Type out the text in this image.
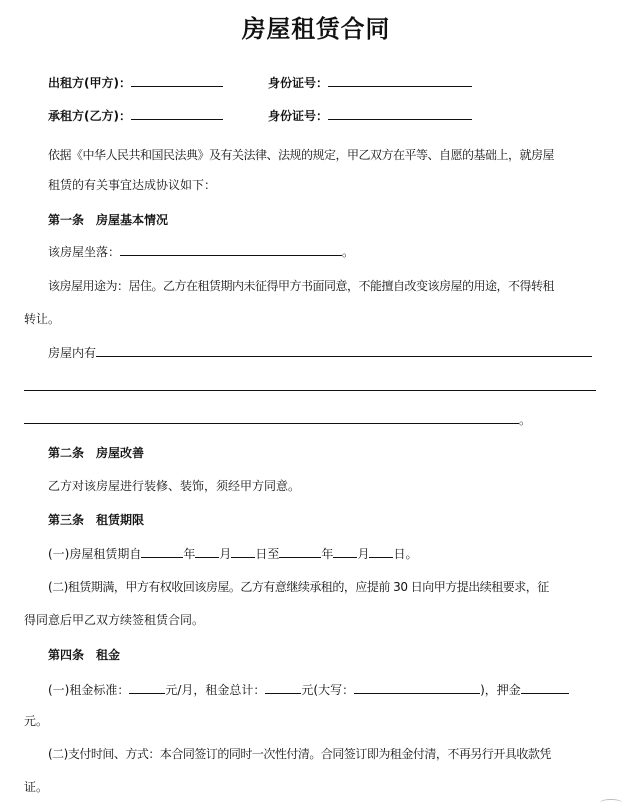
房屋租赁合同
出租方(甲方)：	身份证号：
承租方(乙方)：	身份证号：
依据《中华人民共和国民法典》及有关法律、法规的规定，甲乙双方在平等、自愿的基础上，就房屋
租赁的有关事宜达成协议如下：
第一条　房屋基本情况
该房屋坐落：	。
该房屋用途为：居住。乙方在租赁期内未征得甲方书面同意，不能擅自改变该房屋的用途，不得转租
转让。
房屋内有
。
第二条　房屋改善
乙方对该房屋进行装修、装饰，须经甲方同意。
第三条　租赁期限
(一)房屋租赁期自	年 月 日至	年 月 日。
(二)租赁期满，甲方有权收回该房屋。乙方有意继续承租的，应提前 30 日向甲方提出续租要求，征
得同意后甲乙双方续签租赁合同。
第四条　租金
(一)租金标准：	元/月，租金总计：	元(大写：	)，押金
元。
(二)支付时间、方式：本合同签订的同时一次性付清。合同签订即为租金付清，不再另行开具收款凭
证。
